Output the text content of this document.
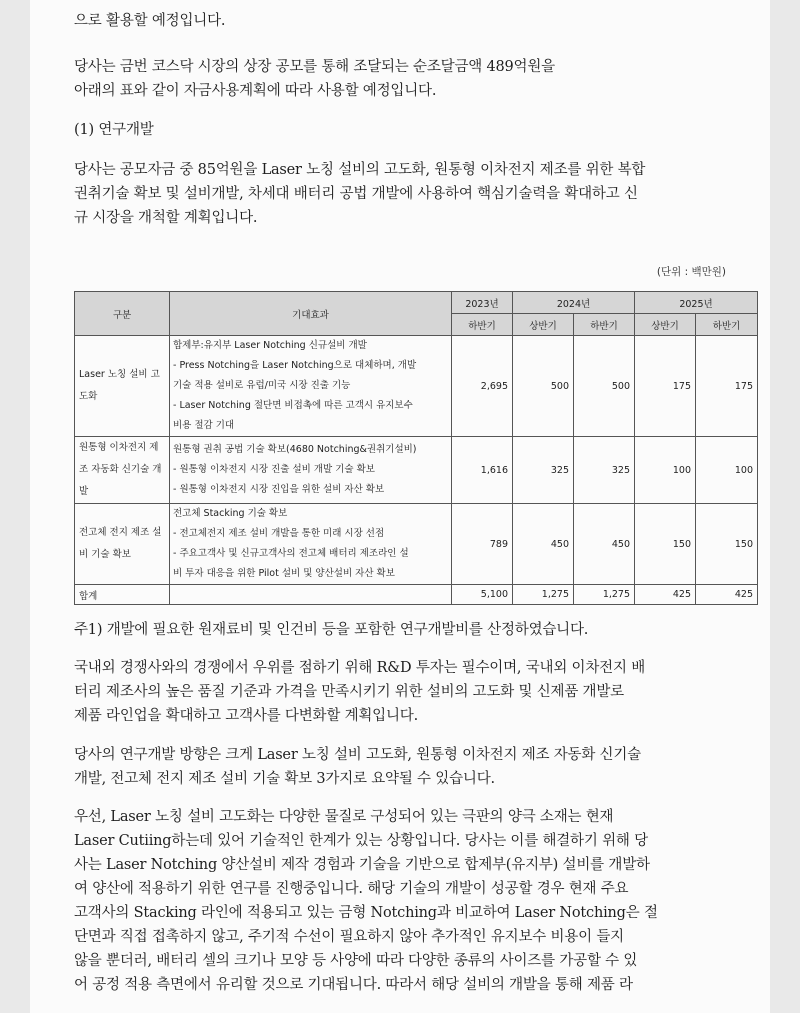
으로 활용할 예정입니다.
당사는 금번 코스닥 시장의 상장 공모를 통해 조달되는 순조달금액 489억원을
아래의 표와 같이 자금사용계획에 따라 사용할 예정입니다.
(1) 연구개발
당사는 공모자금 중 85억원을 Laser 노칭 설비의 고도화, 원통형 이차전지 제조를 위한 복합
권취기술 확보 및 설비개발, 차세대 배터리 공법 개발에 사용하여 핵심기술력을 확대하고 신
규 시장을 개척할 계획입니다.
(단위 : 백만원)
구분	기대효과	2023년	2024년		2025년	
		하반기	상반기	하반기	상반기	하반기
Laser 노칭 설비 고도화	합제부:유지부 Laser Notching 신규설비 개발
- Press Notching을 Laser Notching으로 대체하며, 개발
기술 적용 설비로 유럽/미국 시장 진출 기능
- Laser Notching 절단면 비접촉에 따른 고객시 유지보수
비용 절감 기대	2,695	500	500	175	175
원통형 이차전지 제조 자동화 신기술 개발	원통형 권취 공법 기술 확보(4680 Notching&권취기설비)
- 원통형 이차전지 시장 진출 설비 개발 기술 확보
- 원통형 이차전지 시장 진입을 위한 설비 자산 확보	1,616	325	325	100	100
전고체 전지 제조 설비 기술 확보	전고체 Stacking 기술 확보
- 전고체전지 제조 설비 개발을 통한 미래 시장 선점
- 주요고객사 및 신규고객사의 전고체 배터리 제조라인 설
비 투자 대응을 위한 Pilot 설비 및 양산설비 자산 확보	789	450	450	150	150
합계		5,100	1,275	1,275	425	425
주1) 개발에 필요한 원재료비 및 인건비 등을 포함한 연구개발비를 산정하였습니다.
국내외 경쟁사와의 경쟁에서 우위를 점하기 위해 R&D 투자는 필수이며, 국내외 이차전지 배
터리 제조사의 높은 품질 기준과 가격을 만족시키기 위한 설비의 고도화 및 신제품 개발로
제품 라인업을 확대하고 고객사를 다변화할 계획입니다.
당사의 연구개발 방향은 크게 Laser 노칭 설비 고도화, 원통형 이차전지 제조 자동화 신기술
개발, 전고체 전지 제조 설비 기술 확보 3가지로 요약될 수 있습니다.
우선, Laser 노칭 설비 고도화는 다양한 물질로 구성되어 있는 극판의 양극 소재는 현재
Laser Cutiing하는데 있어 기술적인 한계가 있는 상황입니다. 당사는 이를 해결하기 위해 당
사는 Laser Notching 양산설비 제작 경험과 기술을 기반으로 합제부(유지부) 설비를 개발하
여 양산에 적용하기 위한 연구를 진행중입니다. 해당 기술의 개발이 성공할 경우 현재 주요
고객사의 Stacking 라인에 적용되고 있는 금형 Notching과 비교하여 Laser Notching은 절
단면과 직접 접촉하지 않고, 주기적 수선이 필요하지 않아 추가적인 유지보수 비용이 들지
않을 뿐더러, 배터리 셀의 크기나 모양 등 사양에 따라 다양한 종류의 사이즈를 가공할 수 있
어 공정 적용 측면에서 유리할 것으로 기대됩니다. 따라서 해당 설비의 개발을 통해 제품 라
